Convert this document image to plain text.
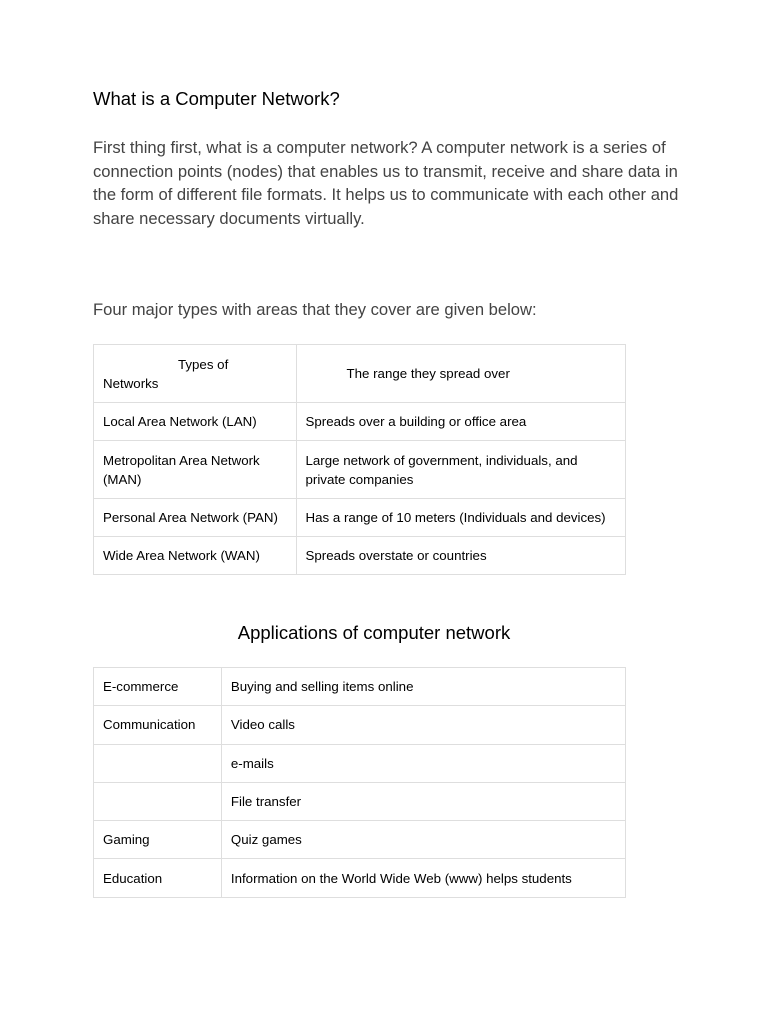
What is a Computer Network?

First thing first, what is a computer network? A computer network is a series of connection points (nodes) that enables us to transmit, receive and share data in the form of different file formats. It helps us to communicate with each other and share necessary documents virtually.

Four major types with areas that they cover are given below:

Types of
Networks	The range they spread over
Local Area Network (LAN)	Spreads over a building or office area
Metropolitan Area Network (MAN)	Large network of government, individuals, and private companies
Personal Area Network (PAN)	Has a range of 10 meters (Individuals and devices)
Wide Area Network (WAN)	Spreads overstate or countries
Applications of computer network
E-commerce	Buying and selling items online
Communication	Video calls
	e-mails
	File transfer
Gaming	Quiz games
Education	Information on the World Wide Web (www) helps students
